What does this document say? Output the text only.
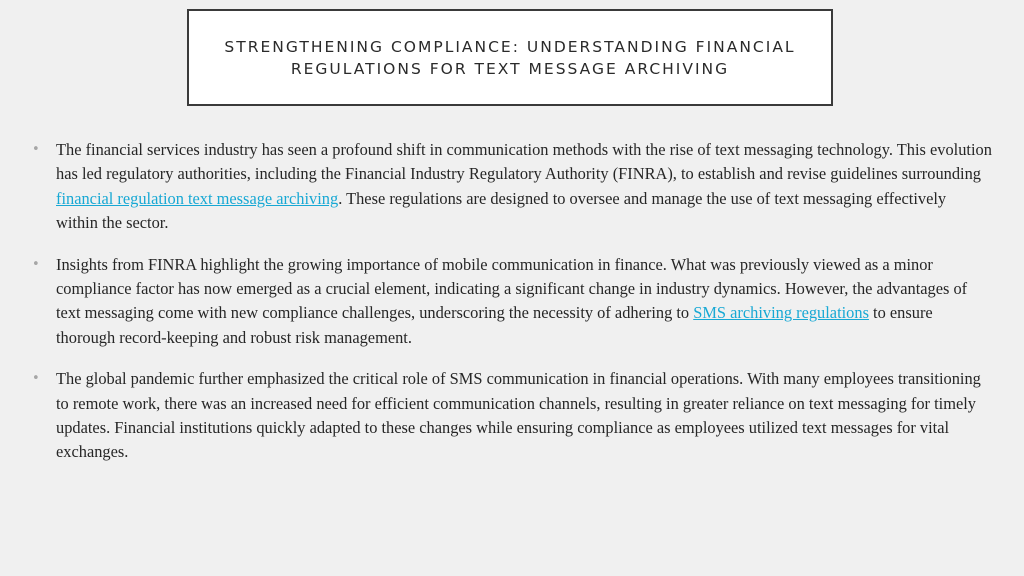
STRENGTHENING COMPLIANCE: UNDERSTANDING FINANCIAL REGULATIONS FOR TEXT MESSAGE ARCHIVING
• The financial services industry has seen a profound shift in communication methods with the rise of text messaging technology. This evolution has led regulatory authorities, including the Financial Industry Regulatory Authority (FINRA), to establish and revise guidelines surrounding financial regulation text message archiving. These regulations are designed to oversee and manage the use of text messaging effectively within the sector.
• Insights from FINRA highlight the growing importance of mobile communication in finance. What was previously viewed as a minor compliance factor has now emerged as a crucial element, indicating a significant change in industry dynamics. However, the advantages of text messaging come with new compliance challenges, underscoring the necessity of adhering to SMS archiving regulations to ensure thorough record-keeping and robust risk management.
• The global pandemic further emphasized the critical role of SMS communication in financial operations. With many employees transitioning to remote work, there was an increased need for efficient communication channels, resulting in greater reliance on text messaging for timely updates. Financial institutions quickly adapted to these changes while ensuring compliance as employees utilized text messages for vital exchanges.
